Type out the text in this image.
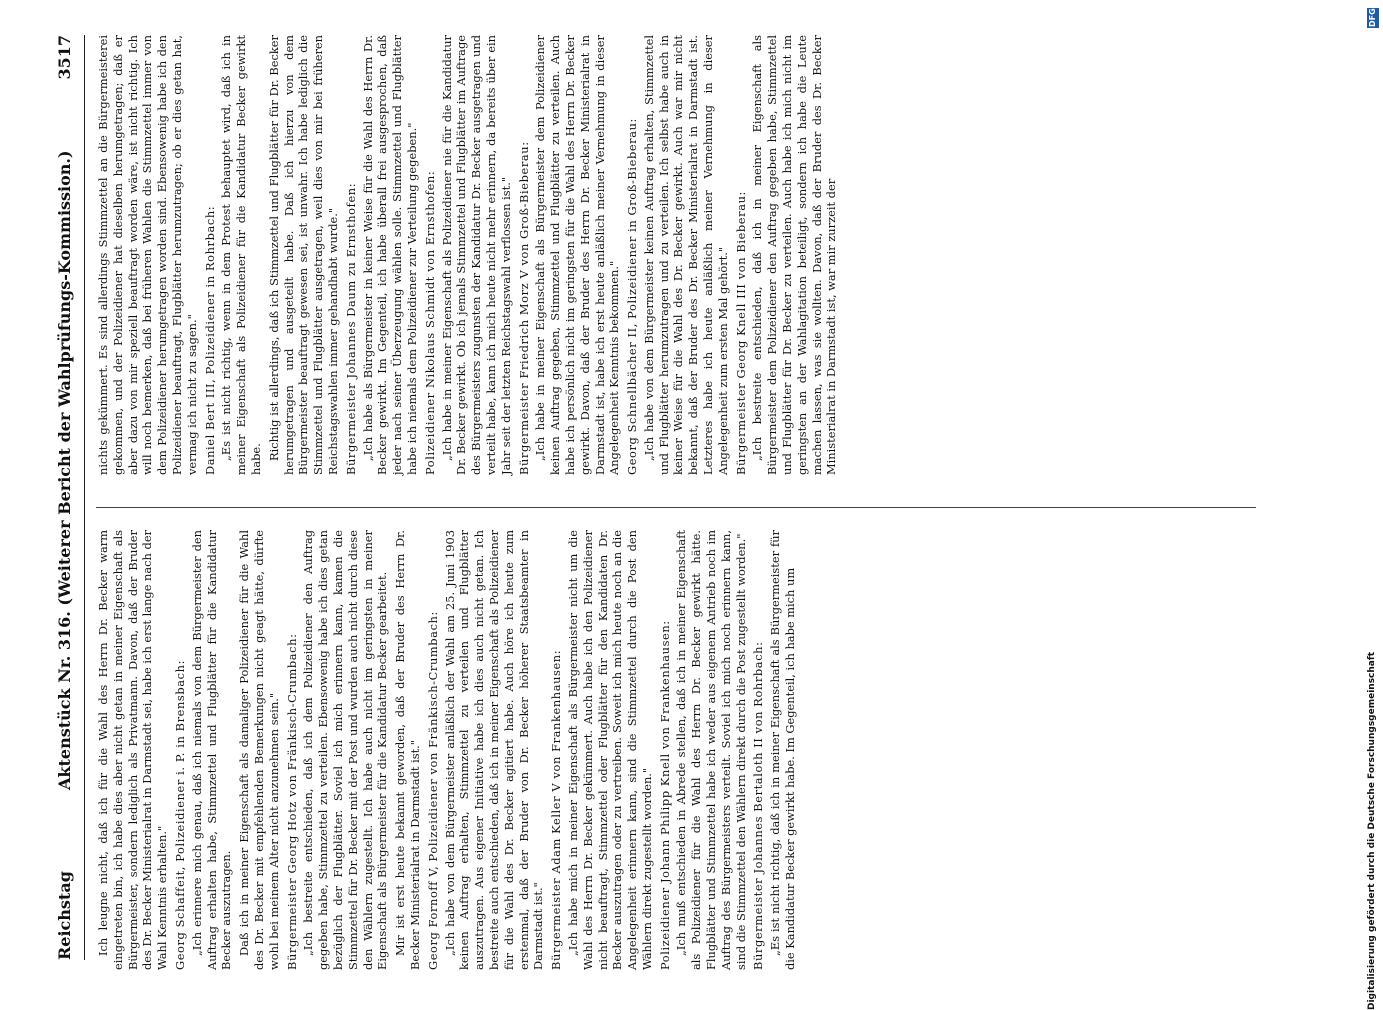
Reichstag
Aktenstück Nr. 316. (Weiterer Bericht der Wahlprüfungs-Kommission.)
3517

Ich leugne nicht, daß ich für die Wahl des Herrn Dr. Becker warm eingetreten bin, ich habe dies aber nicht getan in meiner Eigenschaft als Bürgermeister, sondern lediglich als Privatmann. Davon, daß der Bruder des Dr. Becker Ministerialrat in Darmstadt sei, habe ich erst lange nach der Wahl Kenntnis erhalten." Georg Schaffeit, Polizeidiener i. P. in Brensbach: „Ich erinnere mich genau, daß ich niemals von dem Bürgermeister den Auftrag erhalten habe, Stimmzettel und Flugblätter für die Kandidatur Becker auszutragen. Daß ich in meiner Eigenschaft als damaliger Polizeidiener für die Wahl des Dr. Becker mit empfehlenden Bemerkungen nicht geagt hätte, dürfte wohl bei meinem Alter nicht anzunehmen sein." Bürgermeister Georg Hotz von Fränkisch-Crumbach: „Ich bestreite entschieden, daß ich dem Polizeidiener den Auftrag gegeben habe, Stimmzettel zu verteilen. Ebensowenig habe ich dies getan bezüglich der Flugblätter. Soviel ich mich erinnern kann, kamen die Stimmzettel für Dr. Becker mit der Post und wurden auch nicht durch diese den Wählern zugestellt. Ich habe auch nicht im geringsten in meiner Eigenschaft als Bürgermeister für die Kandidatur Becker gearbeitet. Mir ist erst heute bekannt geworden, daß der Bruder des Herrn Dr. Becker Ministerialrat in Darmstadt ist." Georg Fornoff V, Polizeidiener von Fränkisch-Crumbach: „Ich habe von dem Bürgermeister anläßlich der Wahl am 25. Juni 1903 keinen Auftrag erhalten, Stimmzettel zu verteilen und Flugblätter auszutragen. Aus eigener Initiative habe ich dies auch nicht getan. Ich bestreite auch entschieden, daß ich in meiner Eigenschaft als Polizeidiener für die Wahl des Dr. Becker agitiert habe. Auch höre ich heute zum erstenmal, daß der Bruder von Dr. Becker höherer Staatsbeamter in Darmstadt ist." Bürgermeister Adam Keller V von Frankenhausen: „Ich habe mich in meiner Eigenschaft als Bürgermeister nicht um die Wahl des Herrn Dr. Becker gekümmert. Auch habe ich den Polizeidiener nicht beauftragt, Stimmzettel oder Flugblätter für den Kandidaten Dr. Becker auszutragen oder zu vertreiben. Soweit ich mich heute noch an die Angelegenheit erinnern kann, sind die Stimmzettel durch die Post den Wählern direkt zugestellt worden." Polizeidiener Johann Philipp Knell von Frankenhausen: „Ich muß entschieden in Abrede stellen, daß ich in meiner Eigenschaft als Polizeidiener für die Wahl des Herrn Dr. Becker gewirkt hätte. Flugblätter und Stimmzettel habe ich weder aus eigenem Antrieb noch im Auftrag des Bürgermeisters verteilt. Soviel ich mich noch erinnern kann, sind die Stimmzettel den Wählern direkt durch die Post zugestellt worden." Bürgermeister Johannes Bertaloth II von Rohrbach: „Es ist nicht richtig, daß ich in meiner Eigenschaft als Bürgermeister für die Kandidatur Becker gewirkt habe. Im Gegenteil, ich habe mich um

nichts gekümmert. Es sind allerdings Stimmzettel an die Bürgermeisterei gekommen, und der Polizeidiener hat dieselben herumgetragen; daß er aber dazu von mir speziell beauftragt worden wäre, ist nicht richtig. Ich will noch bemerken, daß bei früheren Wahlen die Stimmzettel immer von dem Polizeidiener herumgetragen worden sind. Ebensowenig habe ich den Polizeidiener beauftragt, Flugblätter herumzutragen; ob er dies getan hat, vermag ich nicht zu sagen." Daniel Bert III, Polizeidiener in Rohrbach: „Es ist nicht richtig, wenn in dem Protest behauptet wird, daß ich in meiner Eigenschaft als Polizeidiener für die Kandidatur Becker gewirkt habe. Richtig ist allerdings, daß ich Stimmzettel und Flugblätter für Dr. Becker herumgetragen und ausgeteilt habe. Daß ich hierzu von dem Bürgermeister beauftragt gewesen sei, ist unwahr. Ich habe lediglich die Stimmzettel und Flugblätter ausgetragen, weil dies von mir bei früheren Reichstagswahlen immer gehandhabt wurde." Bürgermeister Johannes Daum zu Ernsthofen: „Ich habe als Bürgermeister in keiner Weise für die Wahl des Herrn Dr. Becker gewirkt. Im Gegenteil, ich habe überall frei ausgesprochen, daß jeder nach seiner Überzeugung wählen solle. Stimmzettel und Flugblätter habe ich niemals dem Polizeidiener zur Verteilung gegeben." Polizeidiener Nikolaus Schmidt von Ernsthofen: „Ich habe in meiner Eigenschaft als Polizeidiener nie für die Kandidatur Dr. Becker gewirkt. Ob ich jemals Stimmzettel und Flugblätter im Auftrage des Bürgermeisters zugunsten der Kandidatur Dr. Becker ausgetragen und verteilt habe, kann ich mich heute nicht mehr erinnern, da bereits über ein Jahr seit der letzten Reichstagswahl verflossen ist." Bürgermeister Friedrich Morz V von Groß-Bieberau: „Ich habe in meiner Eigenschaft als Bürgermeister dem Polizeidiener keinen Auftrag gegeben, Stimmzettel und Flugblätter zu verteilen. Auch habe ich persönlich nicht im geringsten für die Wahl des Herrn Dr. Becker gewirkt. Davon, daß der Bruder des Herrn Dr. Becker Ministerialrat in Darmstadt ist, habe ich erst heute anläßlich meiner Vernehmung in dieser Angelegenheit Kenntnis bekommen." Georg Schnellbächer II, Polizeidiener in Groß-Bieberau: „Ich habe von dem Bürgermeister keinen Auftrag erhalten, Stimmzettel und Flugblätter herumzutragen und zu verteilen. Ich selbst habe auch in keiner Weise für die Wahl des Dr. Becker gewirkt. Auch war mir nicht bekannt, daß der Bruder des Dr. Becker Ministerialrat in Darmstadt ist. Letzteres habe ich heute anläßlich meiner Vernehmung in dieser Angelegenheit zum ersten Mal gehört." Bürgermeister Georg Knell III von Bieberau: „Ich bestreite entschieden, daß ich in meiner Eigenschaft als Bürgermeister dem Polizeidiener den Auftrag gegeben habe, Stimmzettel und Flugblätter für Dr. Becker zu verteilen. Auch habe ich mich nicht im geringsten an der Wahlagitation beteiligt, sondern ich habe die Leute machen lassen, was sie wollten. Davon, daß der Bruder des Dr. Becker Ministerialrat in Darmstadt ist, war mir zurzeit der

DFG
Digitalisierung gefördert durch die Deutsche Forschungsgemeinschaft
